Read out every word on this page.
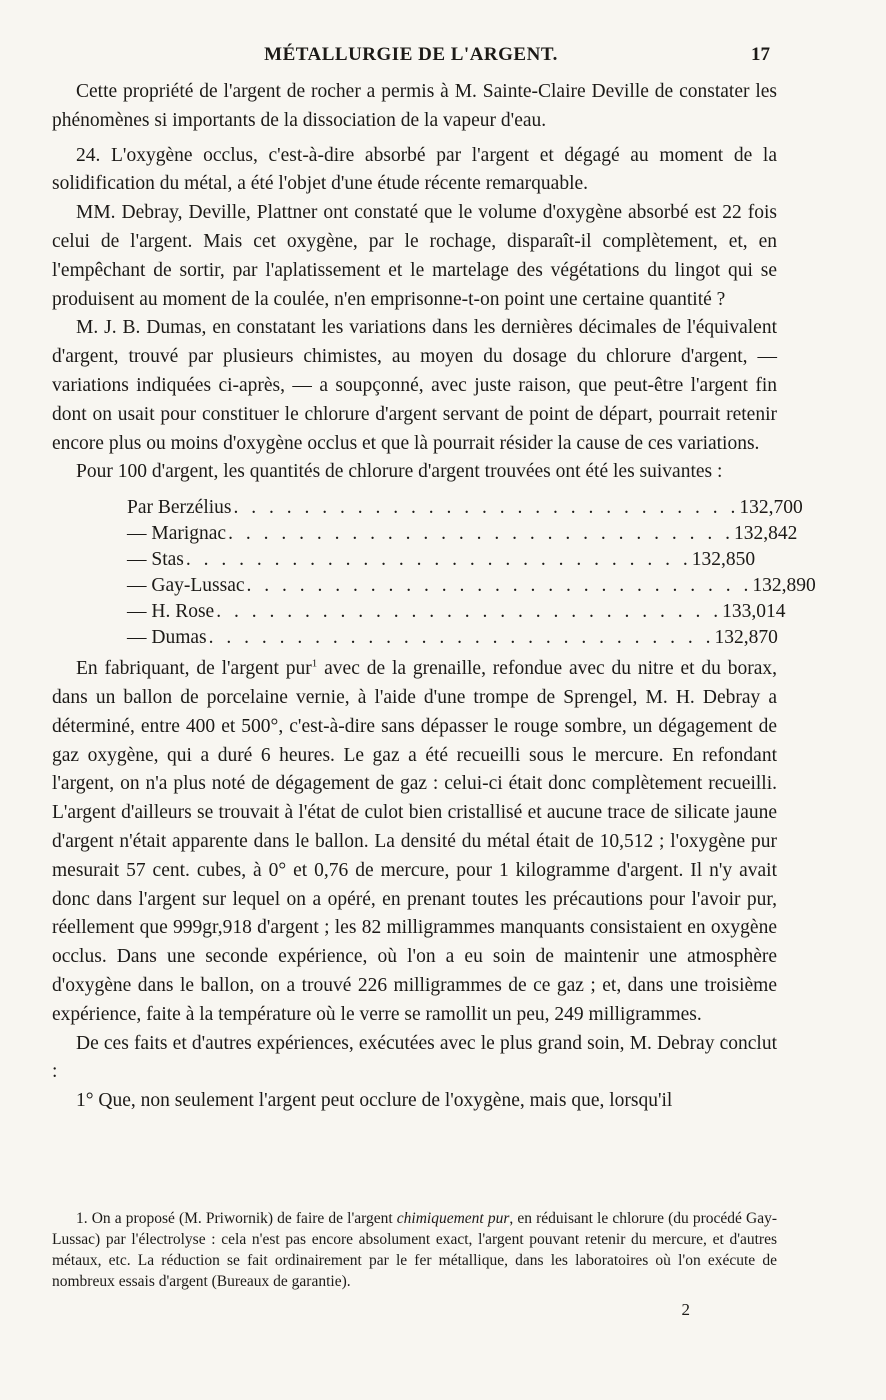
MÉTALLURGIE DE L'ARGENT.	17

Cette propriété de l'argent de rocher a permis à M. Sainte-Claire Deville de constater les phénomènes si importants de la dissociation de la vapeur d'eau.

24. L'oxygène occlus, c'est-à-dire absorbé par l'argent et dégagé au moment de la solidification du métal, a été l'objet d'une étude récente remarquable.

MM. Debray, Deville, Plattner ont constaté que le volume d'oxygène absorbé est 22 fois celui de l'argent. Mais cet oxygène, par le rochage, disparaît-il complètement, et, en l'empêchant de sortir, par l'aplatissement et le martelage des végétations du lingot qui se produisent au moment de la coulée, n'en emprisonne-t-on point une certaine quantité ?

M. J. B. Dumas, en constatant les variations dans les dernières décimales de l'équivalent d'argent, trouvé par plusieurs chimistes, au moyen du dosage du chlorure d'argent, — variations indiquées ci-après, — a soupçonné, avec juste raison, que peut-être l'argent fin dont on usait pour constituer le chlorure d'argent servant de point de départ, pourrait retenir encore plus ou moins d'oxygène occlus et que là pourrait résider la cause de ces variations.

Pour 100 d'argent, les quantités de chlorure d'argent trouvées ont été les suivantes :

Par Berzélius . . . . . . . . . . . . . . . . . . . . . . . . . . . . . 132,700
— Marignac . . . . . . . . . . . . . . . . . . . . . . . . . . . . . 132,842
— Stas . . . . . . . . . . . . . . . . . . . . . . . . . . . . . 132,850
— Gay-Lussac . . . . . . . . . . . . . . . . . . . . . . . . . . . . . 132,890
— H. Rose . . . . . . . . . . . . . . . . . . . . . . . . . . . . . 133,014
— Dumas . . . . . . . . . . . . . . . . . . . . . . . . . . . . . 132,870

En fabriquant, de l'argent pur$^1$ avec de la grenaille, refondue avec du nitre et du borax, dans un ballon de porcelaine vernie, à l'aide d'une trompe de Sprengel, M. H. Debray a déterminé, entre 400 et 500°, c'est-à-dire sans dépasser le rouge sombre, un dégagement de gaz oxygène, qui a duré 6 heures. Le gaz a été recueilli sous le mercure. En refondant l'argent, on n'a plus noté de dégagement de gaz : celui-ci était donc complètement recueilli. L'argent d'ailleurs se trouvait à l'état de culot bien cristallisé et aucune trace de silicate jaune d'argent n'était apparente dans le ballon. La densité du métal était de 10,512 ; l'oxygène pur mesurait 57 cent. cubes, à 0° et 0,76 de mercure, pour 1 kilogramme d'argent. Il n'y avait donc dans l'argent sur lequel on a opéré, en prenant toutes les précautions pour l'avoir pur, réellement que 999gr,918 d'argent ; les 82 milligrammes manquants consistaient en oxygène occlus. Dans une seconde expérience, où l'on a eu soin de maintenir une atmosphère d'oxygène dans le ballon, on a trouvé 226 milligrammes de ce gaz ; et, dans une troisième expérience, faite à la température où le verre se ramollit un peu, 249 milligrammes.

De ces faits et d'autres expériences, exécutées avec le plus grand soin, M. Debray conclut :

1° Que, non seulement l'argent peut occlure de l'oxygène, mais que, lorsqu'il

1. On a proposé (M. Priwornik) de faire de l'argent chimiquement pur, en réduisant le chlorure (du procédé Gay-Lussac) par l'électrolyse : cela n'est pas encore absolument exact, l'argent pouvant retenir du mercure, et d'autres métaux, etc. La réduction se fait ordinairement par le fer métallique, dans les laboratoires où l'on exécute de nombreux essais d'argent (Bureaux de garantie).

2
